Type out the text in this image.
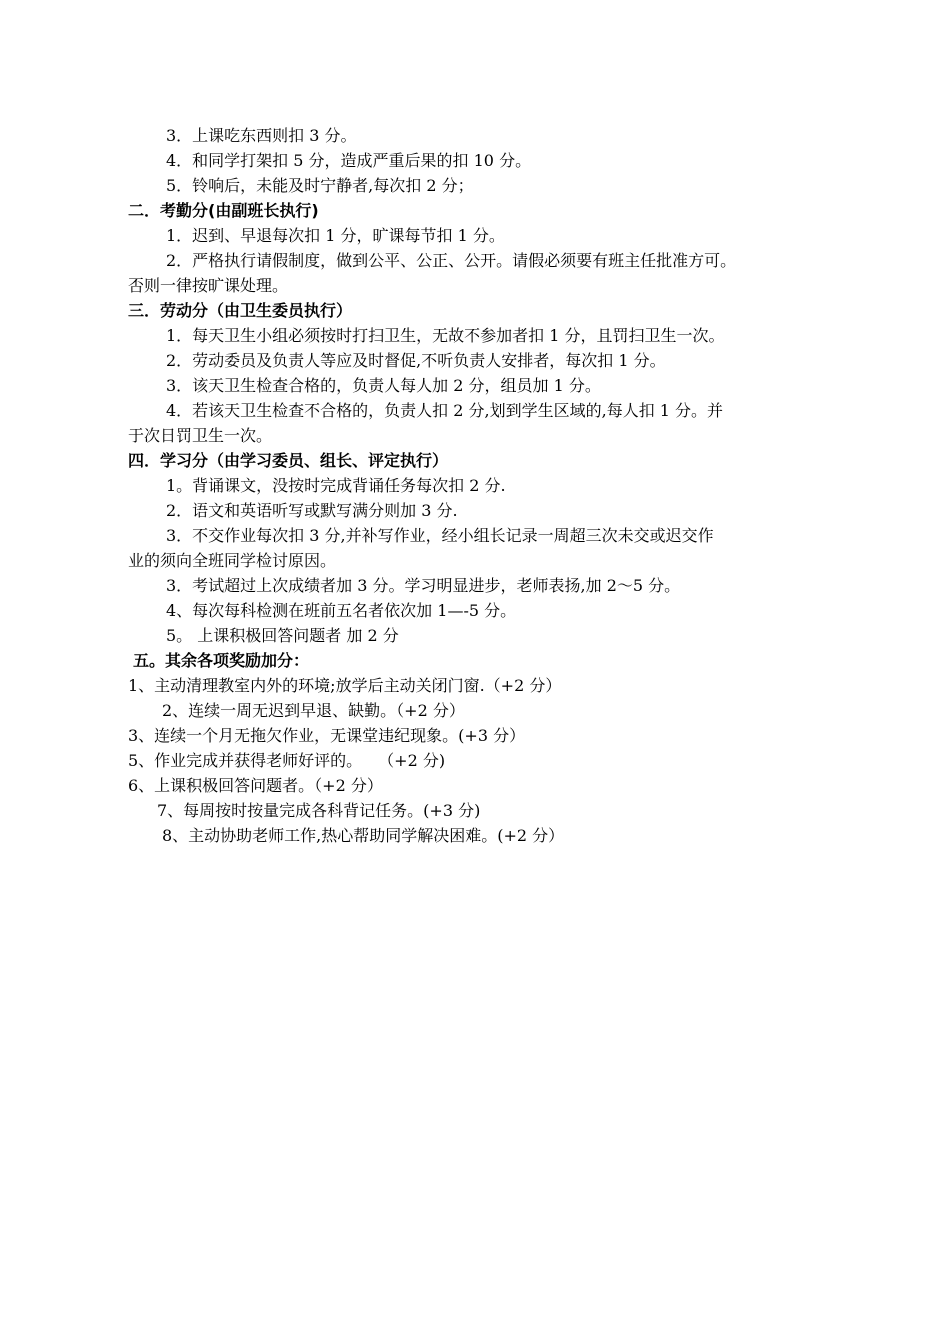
3．上课吃东西则扣 3 分。
4．和同学打架扣 5 分，造成严重后果的扣 10 分。
5．铃响后，未能及时宁静者,每次扣 2 分；
二．考勤分(由副班长执行)
1．迟到、早退每次扣 1 分，旷课每节扣 1 分。
2．严格执行请假制度，做到公平、公正、公开。请假必须要有班主任批准方可。
否则一律按旷课处理。
三．劳动分（由卫生委员执行）
1．每天卫生小组必须按时打扫卫生，无故不参加者扣 1 分，且罚扫卫生一次。
2．劳动委员及负责人等应及时督促,不听负责人安排者，每次扣 1 分。
3．该天卫生检查合格的，负责人每人加 2 分，组员加 1 分。
4．若该天卫生检查不合格的，负责人扣 2 分,划到学生区域的,每人扣 1 分。并
于次日罚卫生一次。
四．学习分（由学习委员、组长、评定执行）
1。背诵课文，没按时完成背诵任务每次扣 2 分.
2．语文和英语听写或默写满分则加 3 分.
3．不交作业每次扣 3 分,并补写作业，经小组长记录一周超三次未交或迟交作
业的须向全班同学检讨原因。
3．考试超过上次成绩者加 3 分。学习明显进步，老师表扬,加 2～5 分。
4、每次每科检测在班前五名者依次加 1—-5 分。
5。 上课积极回答问题者 加 2 分
五。其余各项奖励加分：
1、主动清理教室内外的环境;放学后主动关闭门窗.（+2 分）
2、连续一周无迟到早退、缺勤。（+2 分）
3、连续一个月无拖欠作业，无课堂违纪现象。(+3 分）
5、作业完成并获得老师好评的。　　（+2 分)
6、上课积极回答问题者。（+2 分）
7、每周按时按量完成各科背记任务。(+3 分)
8、主动协助老师工作,热心帮助同学解决困难。(+2 分）
